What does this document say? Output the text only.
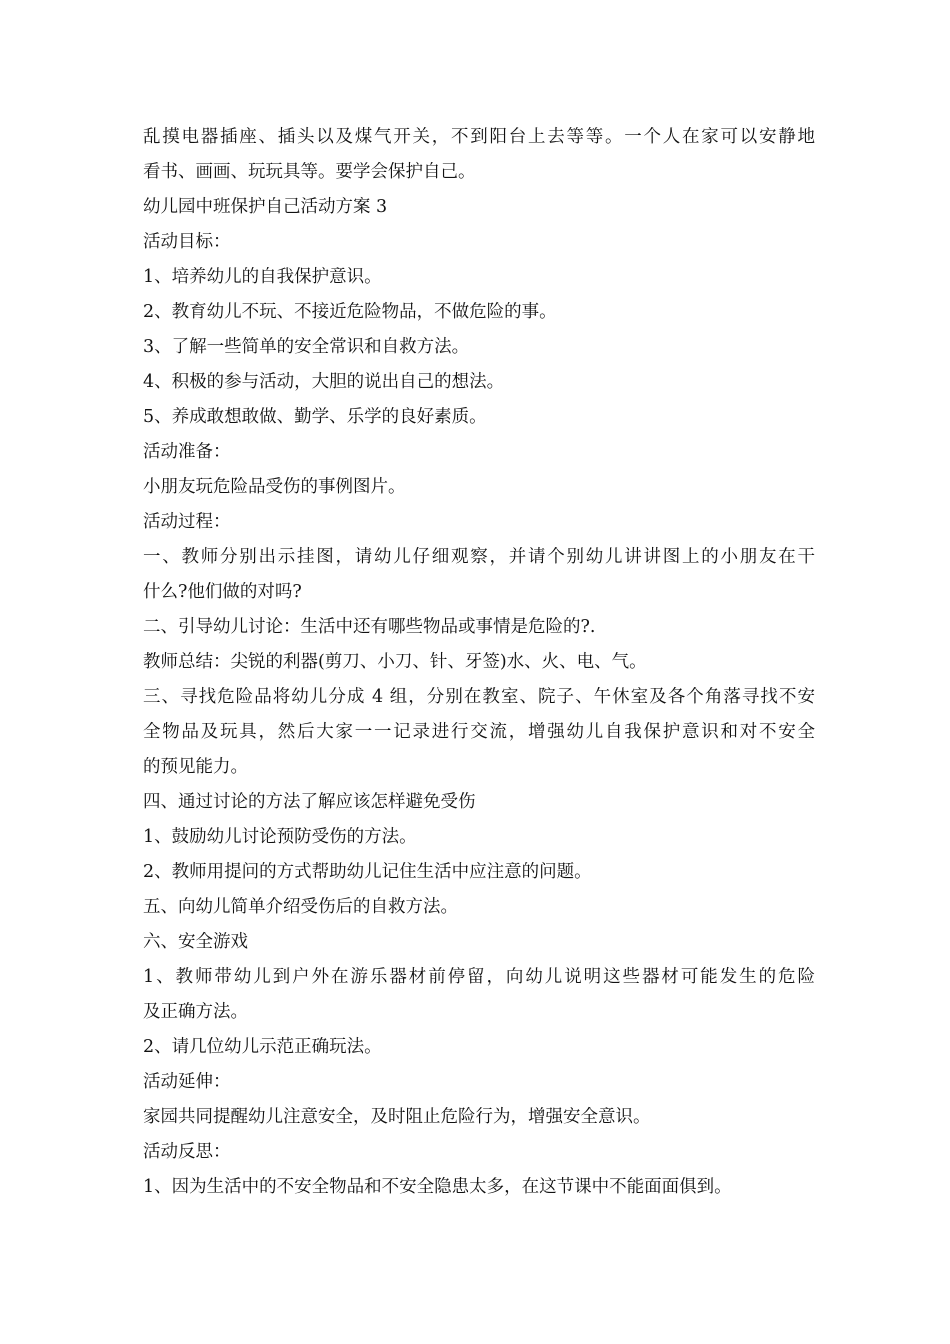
乱摸电器插座、插头以及煤气开关，不到阳台上去等等。一个人在家可以安静地
看书、画画、玩玩具等。要学会保护自己。
幼儿园中班保护自己活动方案 3
活动目标：
1、培养幼儿的自我保护意识。
2、教育幼儿不玩、不接近危险物品，不做危险的事。
3、了解一些简单的安全常识和自救方法。
4、积极的参与活动，大胆的说出自己的想法。
5、养成敢想敢做、勤学、乐学的良好素质。
活动准备：
小朋友玩危险品受伤的事例图片。
活动过程：
一、教师分别出示挂图，请幼儿仔细观察，并请个别幼儿讲讲图上的小朋友在干
什么?他们做的对吗?
二、引导幼儿讨论：生活中还有哪些物品或事情是危险的?.
教师总结：尖锐的利器(剪刀、小刀、针、牙签)水、火、电、气。
三、寻找危险品将幼儿分成 4 组，分别在教室、院子、午休室及各个角落寻找不安
全物品及玩具，然后大家一一记录进行交流，增强幼儿自我保护意识和对不安全
的预见能力。
四、通过讨论的方法了解应该怎样避免受伤
1、鼓励幼儿讨论预防受伤的方法。
2、教师用提问的方式帮助幼儿记住生活中应注意的问题。
五、向幼儿简单介绍受伤后的自救方法。
六、安全游戏
1、教师带幼儿到户外在游乐器材前停留，向幼儿说明这些器材可能发生的危险
及正确方法。
2、请几位幼儿示范正确玩法。
活动延伸：
家园共同提醒幼儿注意安全，及时阻止危险行为，增强安全意识。
活动反思：
1、因为生活中的不安全物品和不安全隐患太多，在这节课中不能面面俱到。
